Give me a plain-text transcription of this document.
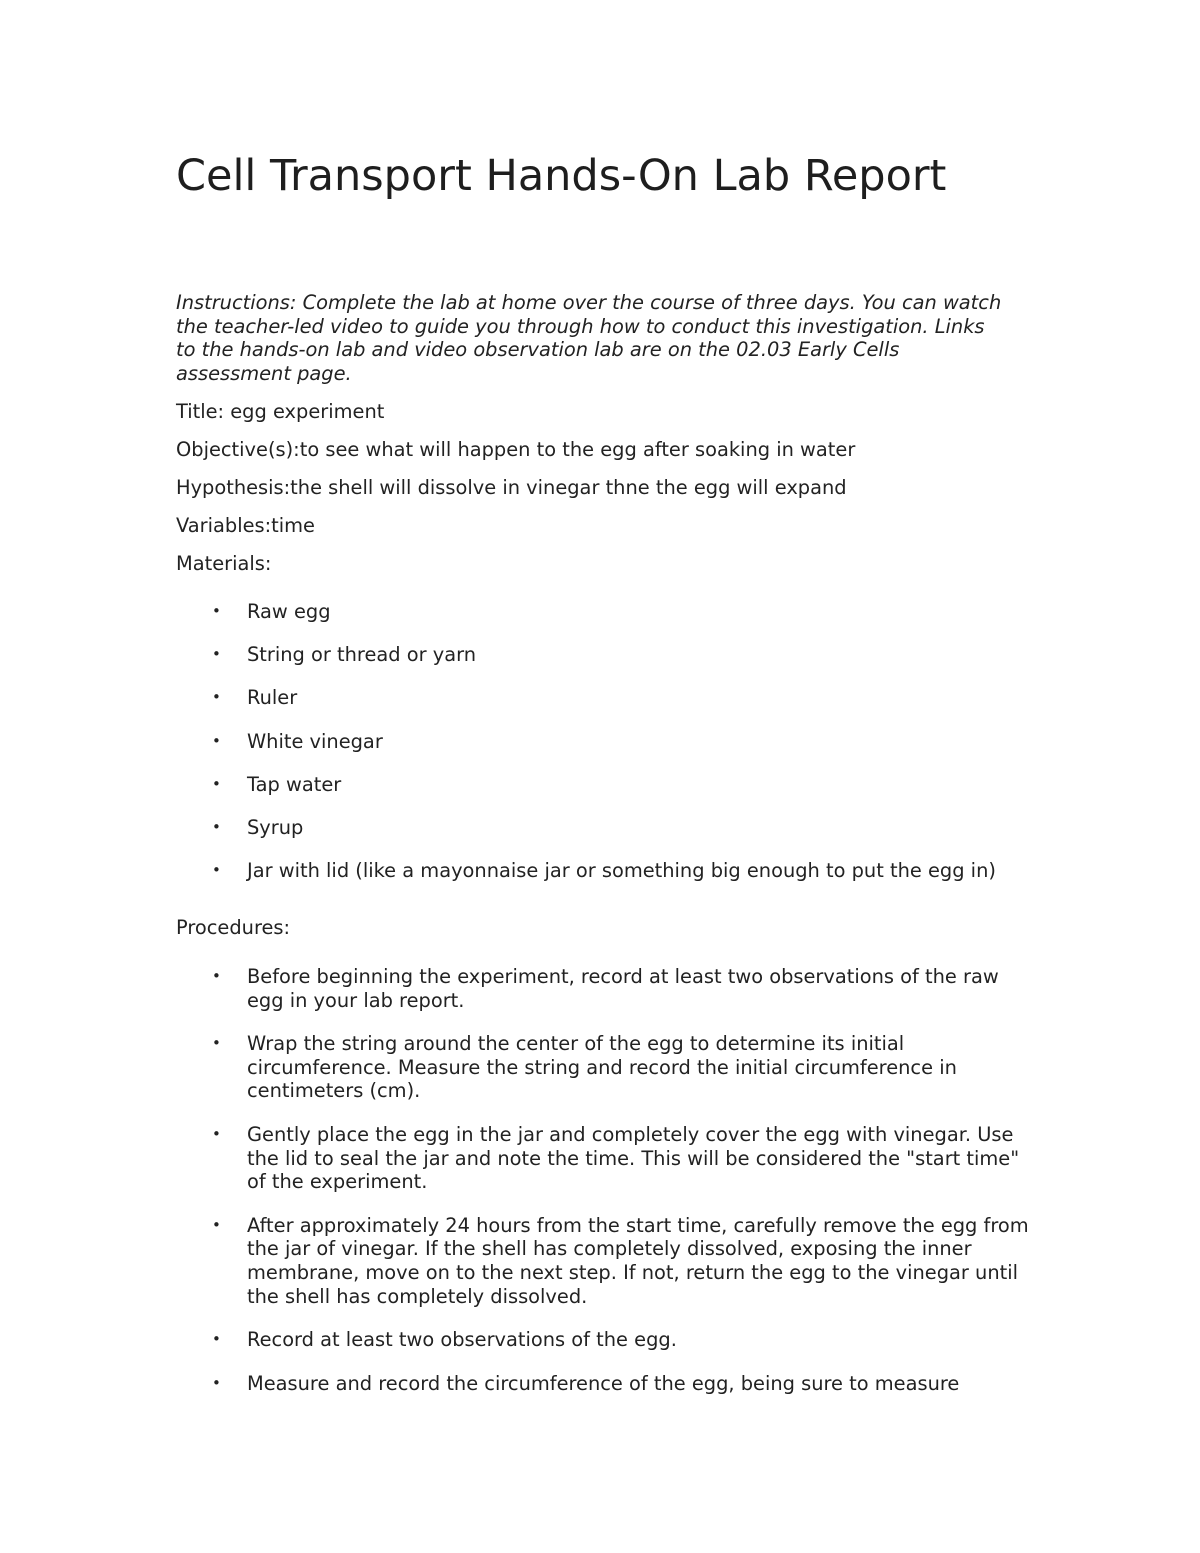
Cell Transport Hands-On Lab Report

Instructions: Complete the lab at home over the course of three days. You can watch the teacher-led video to guide you through how to conduct this investigation. Links to the hands-on lab and video observation lab are on the 02.03 Early Cells assessment page.

Title: egg experiment

Objective(s):to see what will happen to the egg after soaking in water

Hypothesis:the shell will dissolve in vinegar thne the egg will expand

Variables:time

Materials:

• Raw egg
• String or thread or yarn
• Ruler
• White vinegar
• Tap water
• Syrup
• Jar with lid (like a mayonnaise jar or something big enough to put the egg in)

Procedures:

• Before beginning the experiment, record at least two observations of the raw egg in your lab report.
• Wrap the string around the center of the egg to determine its initial circumference. Measure the string and record the initial circumference in centimeters (cm).
• Gently place the egg in the jar and completely cover the egg with vinegar. Use the lid to seal the jar and note the time. This will be considered the "start time" of the experiment.
• After approximately 24 hours from the start time, carefully remove the egg from the jar of vinegar. If the shell has completely dissolved, exposing the inner membrane, move on to the next step. If not, return the egg to the vinegar until the shell has completely dissolved.
• Record at least two observations of the egg.
• Measure and record the circumference of the egg, being sure to measure
